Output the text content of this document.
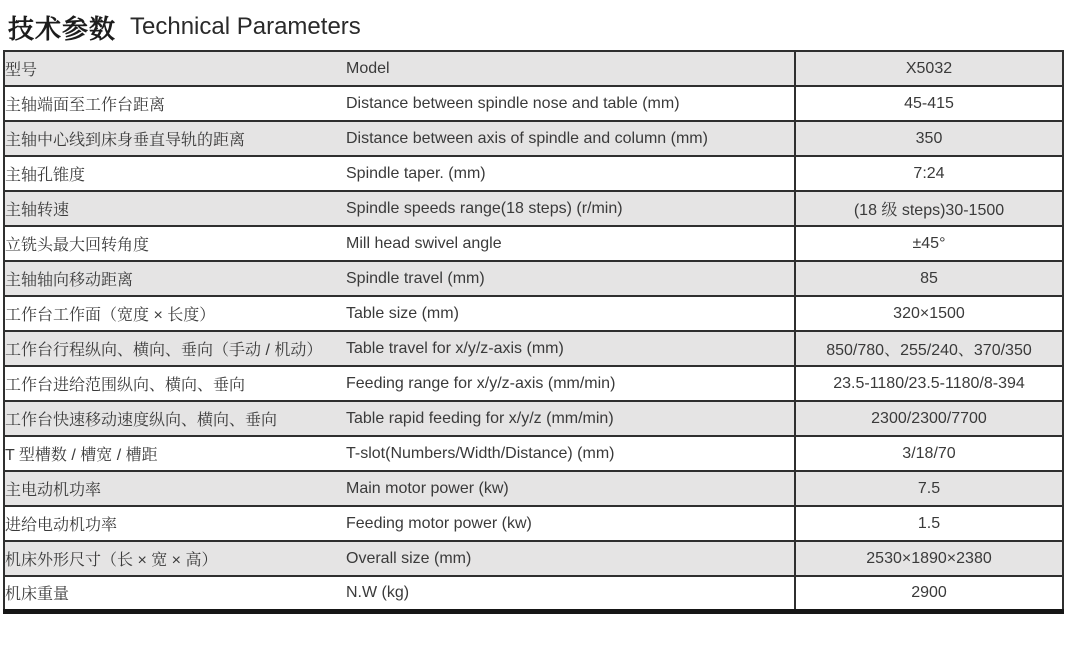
技术参数 Technical Parameters
型号	Model	X5032
主轴端面至工作台距离	Distance between spindle nose and table (mm)	45-415
主轴中心线到床身垂直导轨的距离	Distance between axis of spindle and column (mm)	350
主轴孔锥度	Spindle taper. (mm)	7:24
主轴转速	Spindle speeds range(18 steps) (r/min)	(18 级 steps)30-1500
立铣头最大回转角度	Mill head swivel angle	±45°
主轴轴向移动距离	Spindle travel (mm)	85
工作台工作面（宽度 × 长度）	Table size (mm)	320×1500
工作台行程纵向、横向、垂向（手动 / 机动）	Table travel for x/y/z-axis (mm)	850/780、255/240、370/350
工作台进给范围纵向、横向、垂向	Feeding range for x/y/z-axis (mm/min)	23.5-1180/23.5-1180/8-394
工作台快速移动速度纵向、横向、垂向	Table rapid feeding for x/y/z (mm/min)	2300/2300/7700
T 型槽数 / 槽宽 / 槽距	T-slot(Numbers/Width/Distance) (mm)	3/18/70
主电动机功率	Main motor power (kw)	7.5
进给电动机功率	Feeding motor power (kw)	1.5
机床外形尺寸（长 × 宽 × 高）	Overall size (mm)	2530×1890×2380
机床重量	N.W (kg)	2900
